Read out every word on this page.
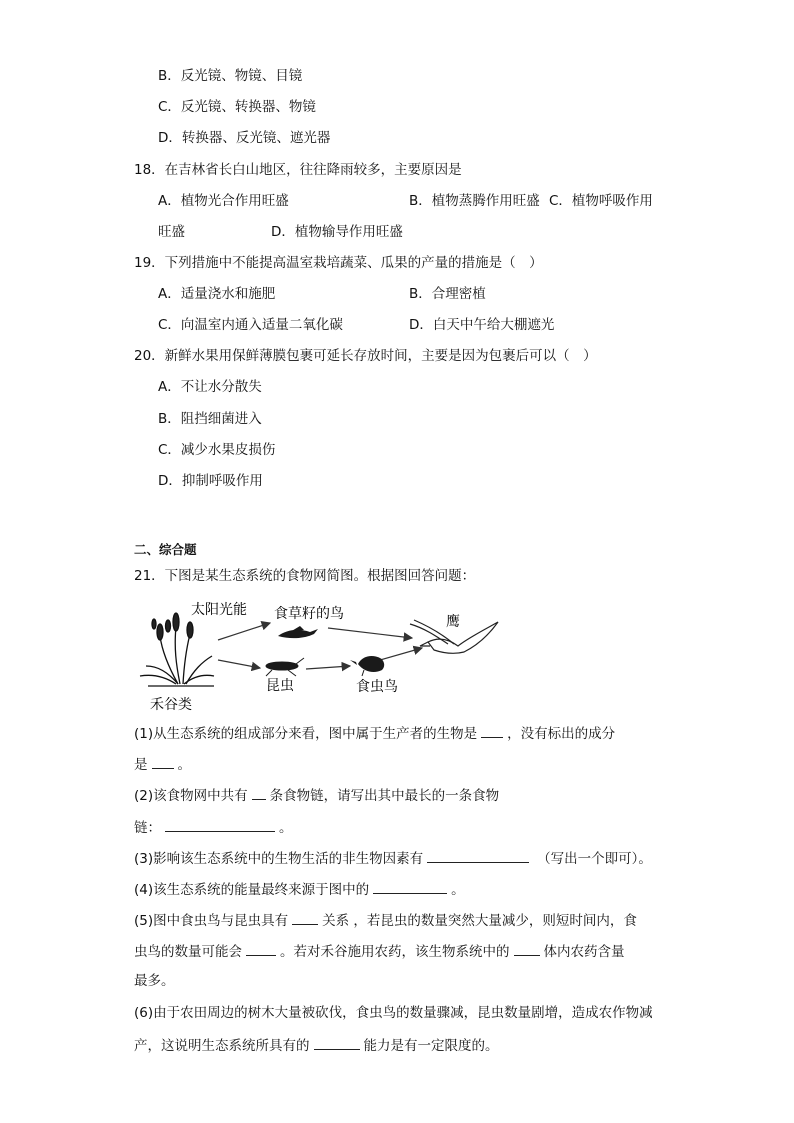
B．反光镜、物镜、目镜
C．反光镜、转换器、物镜
D．转换器、反光镜、遮光器
18．在吉林省长白山地区，往往降雨较多，主要原因是
A．植物光合作用旺盛	B．植物蒸腾作用旺盛 C．植物呼吸作用
旺盛	D．植物输导作用旺盛
19．下列措施中不能提高温室栽培蔬菜、瓜果的产量的措施是（　）
A．适量浇水和施肥	B．合理密植
C．向温室内通入适量二氧化碳	D．白天中午给大棚遮光
20．新鲜水果用保鲜薄膜包裹可延长存放时间，主要是因为包裹后可以（　）
A．不让水分散失
B．阻挡细菌进入
C．减少水果皮损伤
D．抑制呼吸作用
二、综合题
21．下图是某生态系统的食物网简图。根据图回答问题：
太阳光能 食草籽的鸟	鹰
昆虫	食虫鸟
禾谷类
(1)从生态系统的组成部分来看，图中属于生产者的生物是 ，没有标出的成分
是 。
(2)该食物网中共有 条食物链，请写出其中最长的一条食物
链：	。
(3)影响该生态系统中的生物生活的非生物因素有	（写出一个即可）。
(4)该生态系统的能量最终来源于图中的	。
(5)图中食虫鸟与昆虫具有	关系 ，若昆虫的数量突然大量减少，则短时间内，食
虫鸟的数量可能会	。若对禾谷施用农药，该生物系统中的	体内农药含量
最多。
(6)由于农田周边的树木大量被砍伐，食虫鸟的数量骤减，昆虫数量剧增，造成农作物减
产，这说明生态系统所具有的	能力是有一定限度的。
